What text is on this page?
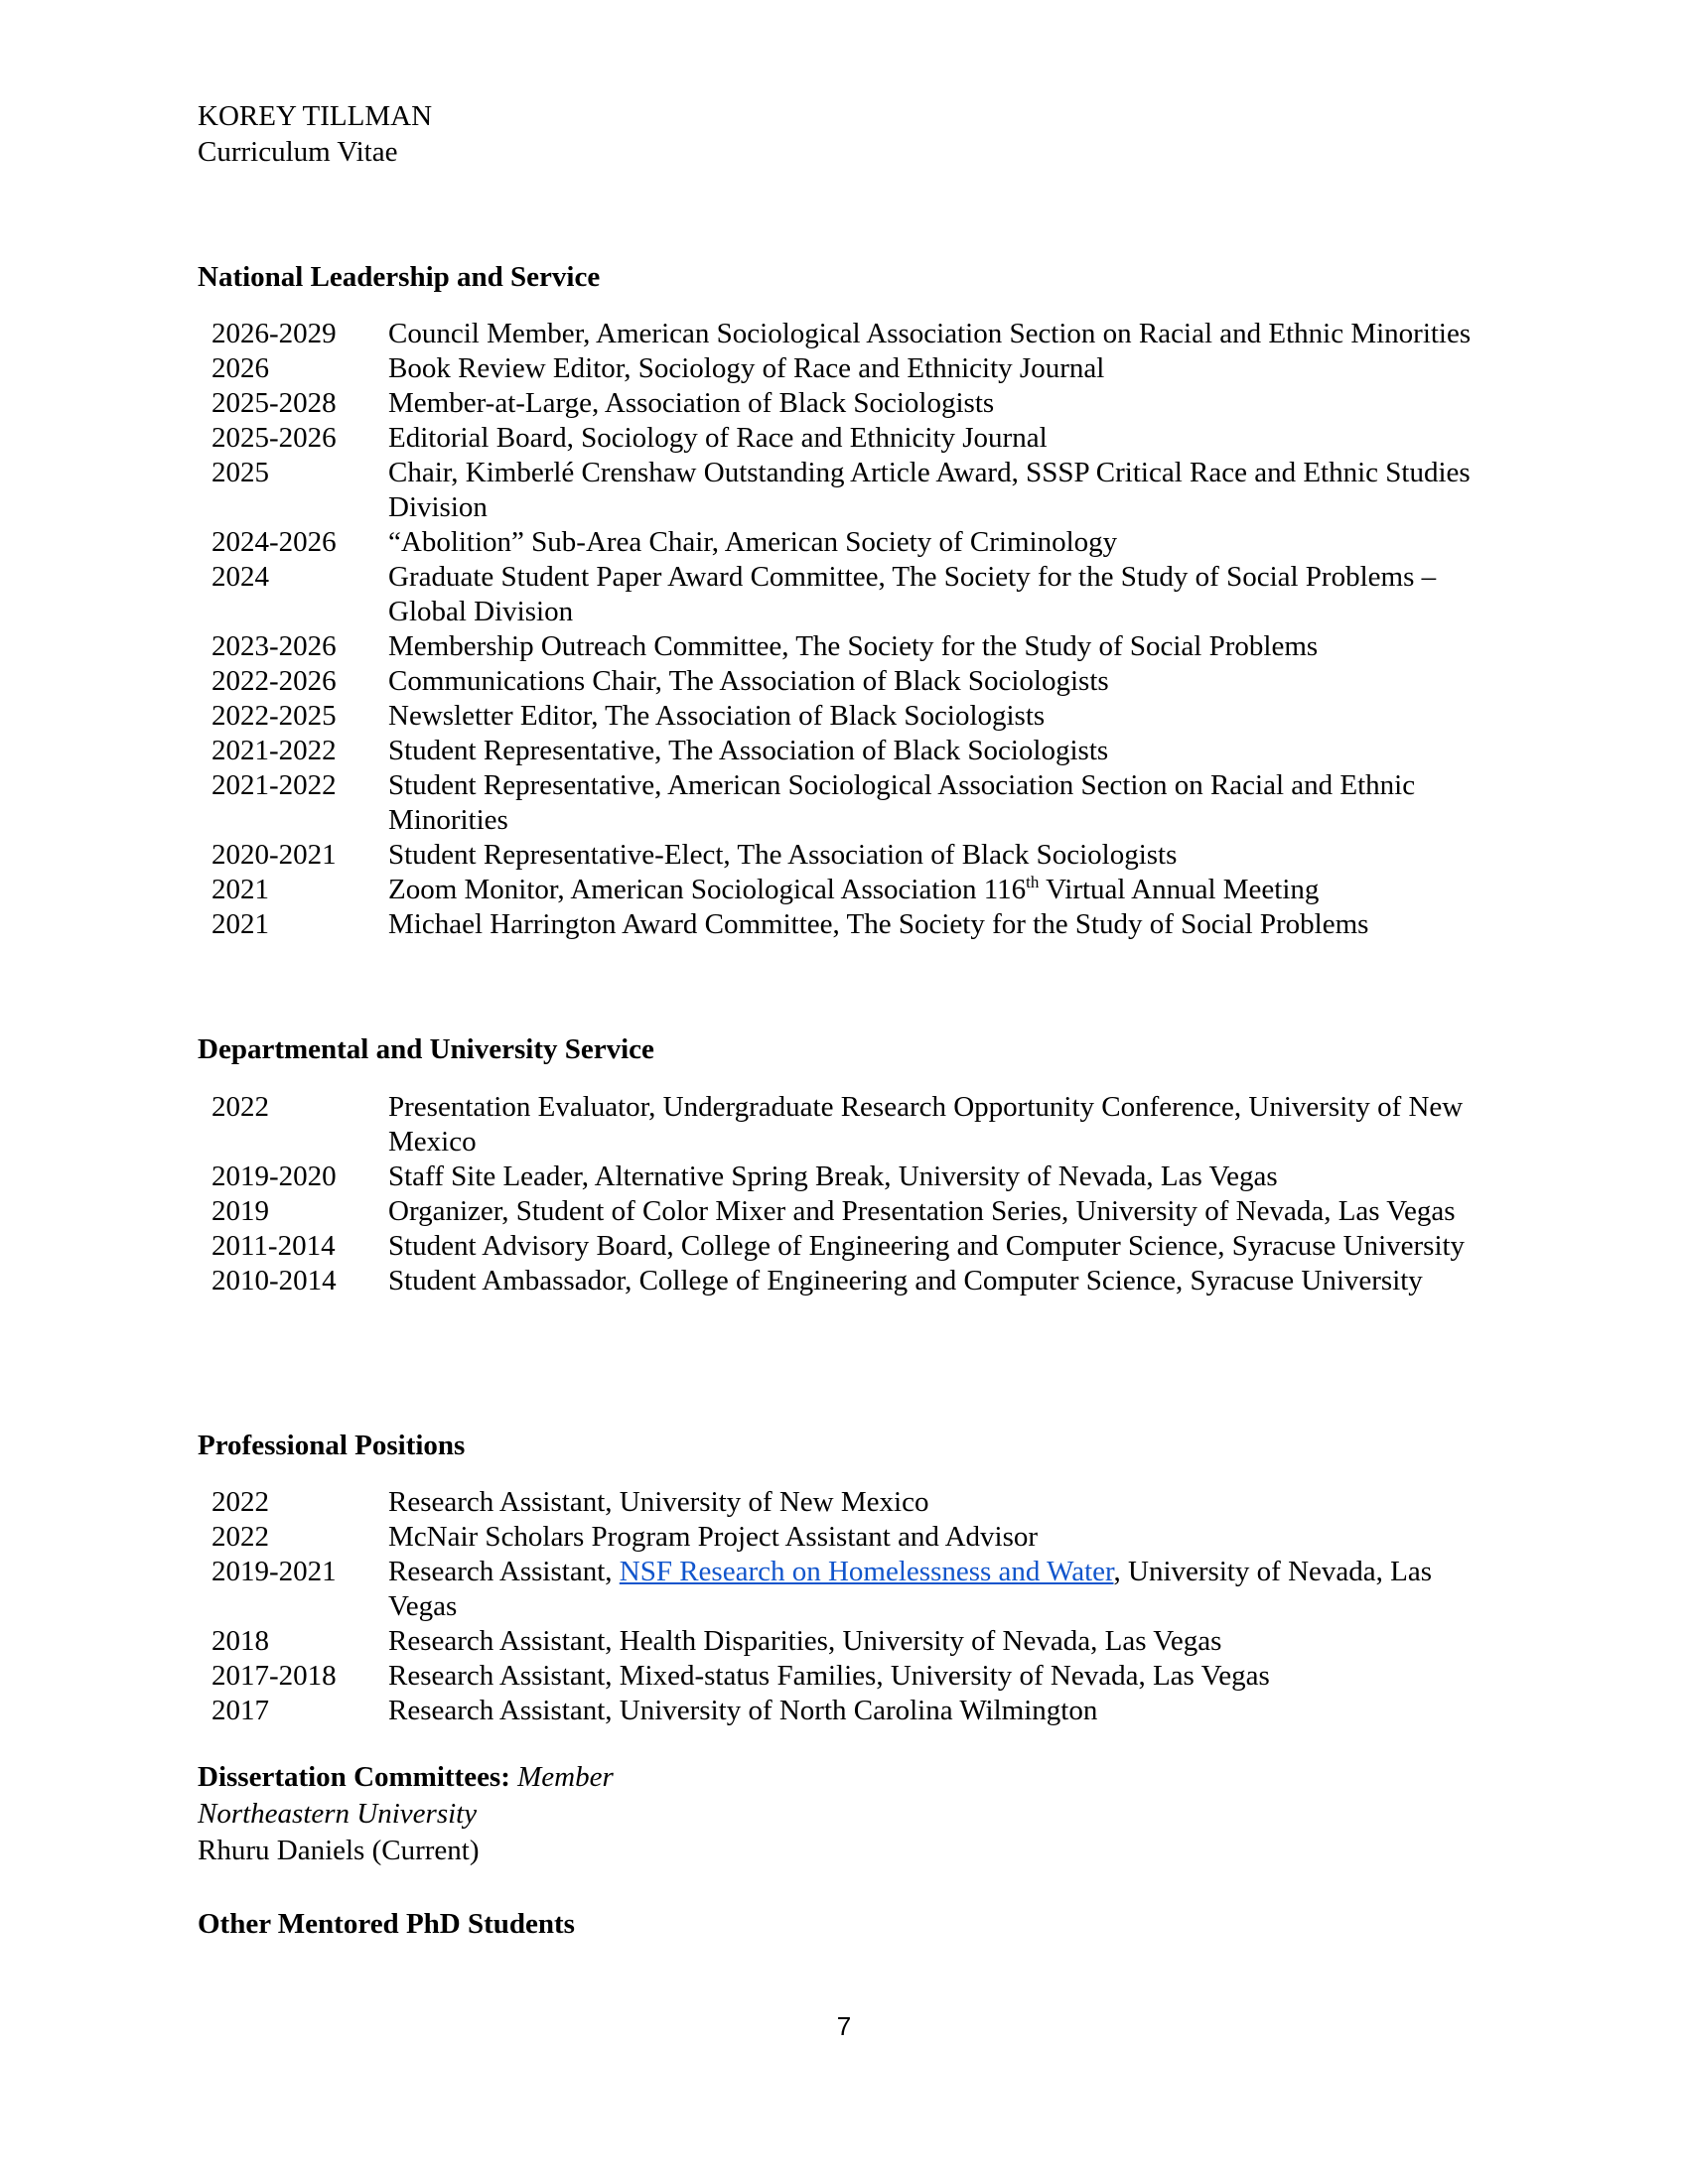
KOREY TILLMAN
Curriculum Vitae
National Leadership and Service
2026-2029	Council Member, American Sociological Association Section on Racial and Ethnic Minorities
2026	Book Review Editor, Sociology of Race and Ethnicity Journal
2025-2028	Member-at-Large, Association of Black Sociologists
2025-2026	Editorial Board, Sociology of Race and Ethnicity Journal
2025	Chair, Kimberlé Crenshaw Outstanding Article Award, SSSP Critical Race and Ethnic Studies Division
2024-2026	“Abolition” Sub-Area Chair, American Society of Criminology
2024	Graduate Student Paper Award Committee, The Society for the Study of Social Problems – Global Division
2023-2026	Membership Outreach Committee, The Society for the Study of Social Problems
2022-2026	Communications Chair, The Association of Black Sociologists
2022-2025	Newsletter Editor, The Association of Black Sociologists
2021-2022	Student Representative, The Association of Black Sociologists
2021-2022	Student Representative, American Sociological Association Section on Racial and Ethnic Minorities
2020-2021	Student Representative-Elect, The Association of Black Sociologists
2021	Zoom Monitor, American Sociological Association 116th Virtual Annual Meeting
2021	Michael Harrington Award Committee, The Society for the Study of Social Problems
Departmental and University Service
2022	Presentation Evaluator, Undergraduate Research Opportunity Conference, University of New Mexico
2019-2020	Staff Site Leader, Alternative Spring Break, University of Nevada, Las Vegas
2019	Organizer, Student of Color Mixer and Presentation Series, University of Nevada, Las Vegas
2011-2014	Student Advisory Board, College of Engineering and Computer Science, Syracuse University
2010-2014	Student Ambassador, College of Engineering and Computer Science, Syracuse University
Professional Positions
2022	Research Assistant, University of New Mexico
2022	McNair Scholars Program Project Assistant and Advisor
2019-2021	Research Assistant, NSF Research on Homelessness and Water, University of Nevada, Las Vegas
2018	Research Assistant, Health Disparities, University of Nevada, Las Vegas
2017-2018	Research Assistant, Mixed-status Families, University of Nevada, Las Vegas
2017	Research Assistant, University of North Carolina Wilmington
Dissertation Committees: Member
Northeastern University
Rhuru Daniels (Current)
Other Mentored PhD Students
7
